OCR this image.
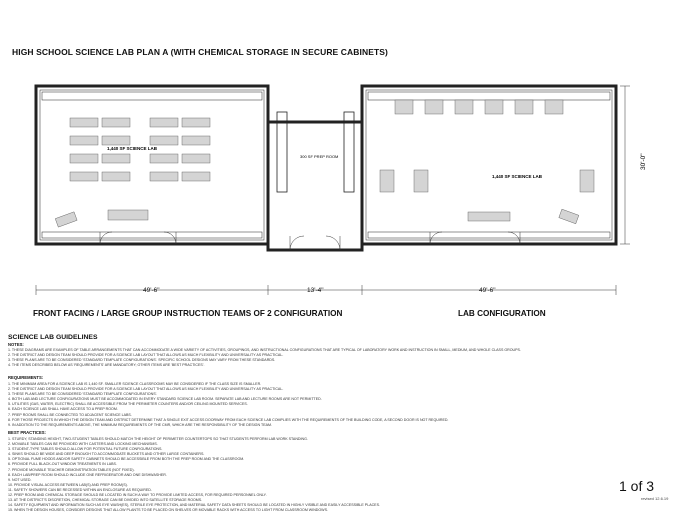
HIGH SCHOOL SCIENCE LAB PLAN A (WITH CHEMICAL STORAGE IN SECURE CABINETS)
1,440 SF SCIENCE LAB
1,440 SF SCIENCE LAB
300 SF PREP ROOM	30'-0"
49'-6"	13'-4"	49'-6"
FRONT FACING / LARGE GROUP INSTRUCTION TEAMS OF 2 CONFIGURATION	LAB CONFIGURATION
SCIENCE LAB GUIDELINES
NOTES:
1. THESE DIAGRAMS ARE EXAMPLES OF TABLE ARRANGEMENTS THAT CAN ACCOMMODATE A WIDE VARIETY OF ACTIVITIES, GROUPINGS, AND INSTRUCTIONAL CONFIGURATIONS THAT ARE TYPICAL OF LABORATORY WORK AND INSTRUCTION IN SMALL, MEDIUM, AND WHOLE CLASS GROUPS.
2. THE DISTRICT AND DESIGN TEAM SHOULD PROVIDE FOR A SCIENCE LAB LAYOUT THAT ALLOWS AS MUCH FLEXIBILITY AND UNIVERSALITY AS PRACTICAL.
3. THESE PLANS ARE TO BE CONSIDERED 'STANDARD TEMPLATE CONFIGURATIONS'. SPECIFIC SCHOOL DESIGNS MAY VARY FROM THESE STANDARDS.
4. THE ITEMS DESCRIBED BELOW AS 'REQUIREMENTS' ARE MANDATORY; OTHER ITEMS ARE 'BEST PRACTICES'.
REQUIREMENTS:
1. THE MINIMUM AREA FOR A SCIENCE LAB IS 1,440 SF. SMALLER SCIENCE CLASSROOMS MAY BE CONSIDERED IF THE CLASS SIZE IS SMALLER.
2. THE DISTRICT AND DESIGN TEAM SHOULD PROVIDE FOR A SCIENCE LAB LAYOUT THAT ALLOWS AS MUCH FLEXIBILITY AND UNIVERSALITY AS PRACTICAL.
3. THESE PLANS ARE TO BE CONSIDERED 'STANDARD TEMPLATE CONFIGURATIONS'.
4. BOTH LAB AND LECTURE CONFIGURATIONS MUST BE ACCOMMODATED IN EVERY STANDARD SCIENCE LAB ROOM. SEPARATE LAB AND LECTURE ROOMS ARE NOT PERMITTED.
5. UTILITIES (GAS, WATER, ELECTRIC) SHALL BE ACCESSIBLE FROM THE PERIMETER COUNTERS AND/OR CEILING MOUNTED SERVICES.
6. EACH SCIENCE LAB SHALL HAVE ACCESS TO A PREP ROOM.
7. PREP ROOMS SHALL BE CONNECTED TO ADJACENT SCIENCE LABS.
8. FOR THOSE PROJECTS IN WHICH THE DESIGN TEAM AND DISTRICT DETERMINE THAT A SINGLE EXIT ACCESS DOORWAY FROM EACH SCIENCE LAB COMPLIES WITH THE REQUIREMENTS OF THE BUILDING CODE, A SECOND DOOR IS NOT REQUIRED.
9. IN ADDITION TO THE REQUIREMENTS ABOVE, THE MINIMUM REQUIREMENTS OF THE CMR, WHICH ARE THE RESPONSIBILITY OF THE DESIGN TEAM.
BEST PRACTICES:
1. STURDY, STANDING HEIGHT, TWO-STUDENT TABLES SHOULD MATCH THE HEIGHT OF PERIMETER COUNTERTOPS SO THAT STUDENTS PERFORM LAB WORK STANDING.
2. MOVABLE TABLES CAN BE PROVIDED WITH CASTERS AND LOCKING MECHANISMS.
3. STUDENT-TYPE TABLES SHOULD ALLOW FOR POTENTIAL FUTURE CONFIGURATIONS.
4. SINKS SHOULD BE WIDE AND DEEP ENOUGH TO ACCOMMODATE BUCKETS AND OTHER LARGE CONTAINERS.
5. OPTIONAL FUME HOODS AND/OR SAFETY CABINETS SHOULD BE ACCESSIBLE FROM BOTH THE PREP ROOM AND THE CLASSROOM.
6. PROVIDE FULL BLACK-OUT WINDOW TREATMENTS IN LABS.
7. PROVIDE MOVABLE TEACHER DEMONSTRATION TABLES (NOT FIXED).
8. EACH LAB/PREP ROOM SHOULD INCLUDE ONE REFRIGERATOR AND ONE DISHWASHER.
9. NOT USED.
10. PROVIDE VISUAL ACCESS BETWEEN LAB(S) AND PREP ROOM(S).
11. SAFETY SHOWERS CAN BE RECESSED WITHIN AN ENCLOSURE AS REQUIRED.
12. PREP ROOM AND CHEMICAL STORAGE SHOULD BE LOCATED IN SUCH A WAY TO PROVIDE LIMITED ACCESS, FOR REQUIRED PERSONNEL ONLY.
13. AT THE DISTRICT'S DISCRETION, CHEMICAL STORAGE CAN BE DIVIDED INTO SATELLITE STORAGE ROOMS.
14. SAFETY EQUIPMENT AND INFORMATION SUCH AS EYE WASH(ES), STERILE EYE PROTECTION, AND MATERIAL SAFETY DATA SHEETS SHOULD BE LOCATED IN HIGHLY VISIBLE AND EASILY ACCESSIBLE PLACES.
15. WHEN THE DESIGN HOUSES, CONSIDER DESIGNS THAT ALLOW PLANTS TO BE PLACED ON SHELVES OR MOVABLE RACKS WITH ACCESS TO LIGHT FROM CLASSROOM WINDOWS.
1 of 3
revised 12.6.19
